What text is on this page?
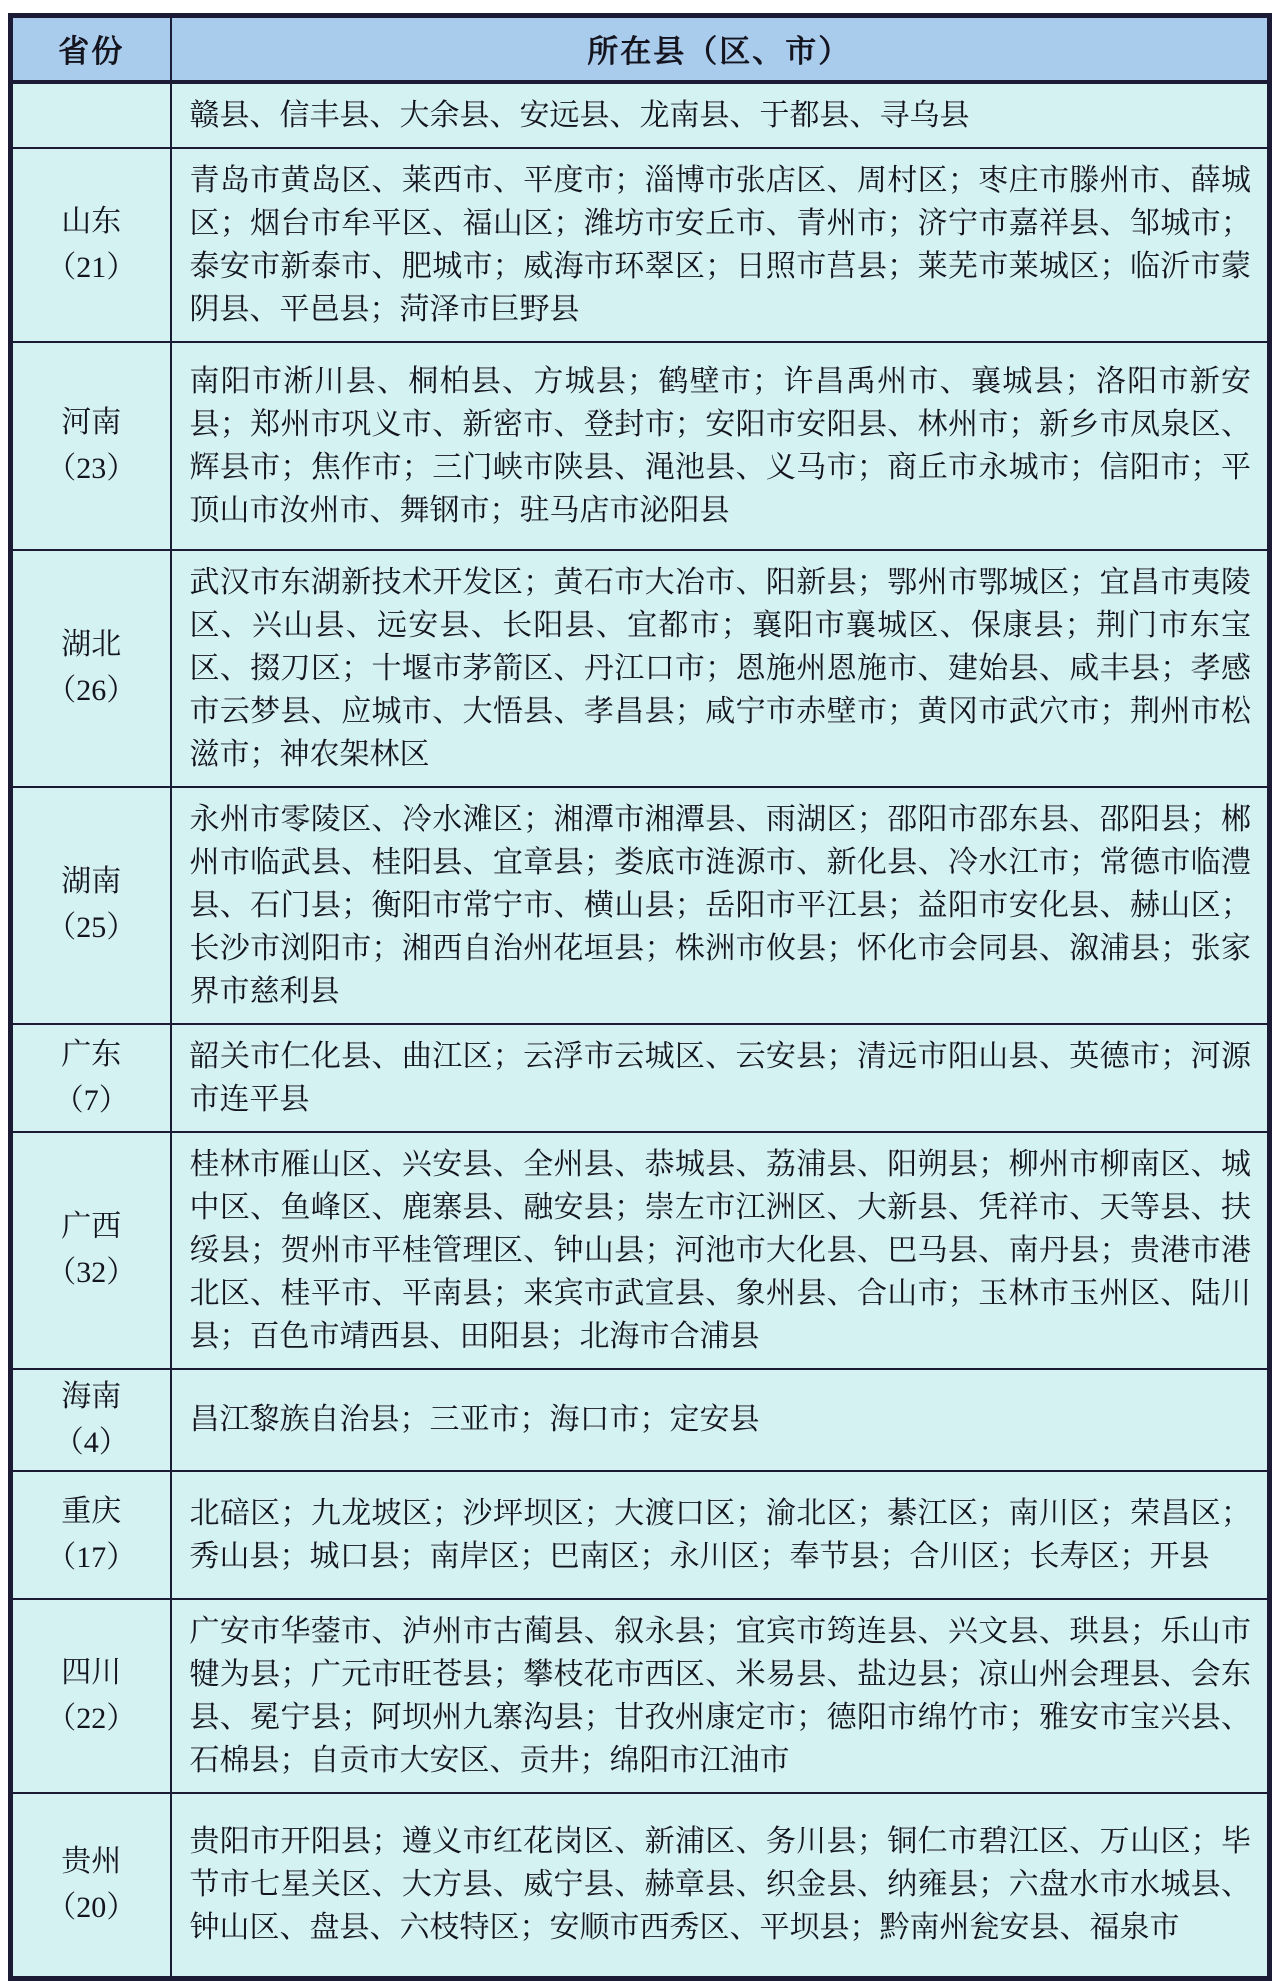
省份	所在县（区、市）

	赣县、信丰县、大余县、安远县、龙南县、于都县、寻乌县

山东
（21）	青岛市黄岛区、莱西市、平度市；淄博市张店区、周村区；枣庄市滕州市、薛城区；烟台市牟平区、福山区；潍坊市安丘市、青州市；济宁市嘉祥县、邹城市；泰安市新泰市、肥城市；威海市环翠区；日照市莒县；莱芜市莱城区；临沂市蒙阴县、平邑县；菏泽市巨野县

河南
（23）	南阳市淅川县、桐柏县、方城县；鹤壁市；许昌禹州市、襄城县；洛阳市新安县；郑州市巩义市、新密市、登封市；安阳市安阳县、林州市；新乡市凤泉区、辉县市；焦作市；三门峡市陕县、渑池县、义马市；商丘市永城市；信阳市；平顶山市汝州市、舞钢市；驻马店市泌阳县

湖北
（26）	武汉市东湖新技术开发区；黄石市大冶市、阳新县；鄂州市鄂城区；宜昌市夷陵区、兴山县、远安县、长阳县、宜都市；襄阳市襄城区、保康县；荆门市东宝区、掇刀区；十堰市茅箭区、丹江口市；恩施州恩施市、建始县、咸丰县；孝感市云梦县、应城市、大悟县、孝昌县；咸宁市赤壁市；黄冈市武穴市；荆州市松滋市；神农架林区

湖南
（25）	永州市零陵区、冷水滩区；湘潭市湘潭县、雨湖区；邵阳市邵东县、邵阳县；郴州市临武县、桂阳县、宜章县；娄底市涟源市、新化县、冷水江市；常德市临澧县、石门县；衡阳市常宁市、横山县；岳阳市平江县；益阳市安化县、赫山区；长沙市浏阳市；湘西自治州花垣县；株洲市攸县；怀化市会同县、溆浦县；张家界市慈利县

广东
（7）	韶关市仁化县、曲江区；云浮市云城区、云安县；清远市阳山县、英德市；河源市连平县

广西
（32）	桂林市雁山区、兴安县、全州县、恭城县、荔浦县、阳朔县；柳州市柳南区、城中区、鱼峰区、鹿寨县、融安县；崇左市江洲区、大新县、凭祥市、天等县、扶绥县；贺州市平桂管理区、钟山县；河池市大化县、巴马县、南丹县；贵港市港北区、桂平市、平南县；来宾市武宣县、象州县、合山市；玉林市玉州区、陆川县；百色市靖西县、田阳县；北海市合浦县

海南
（4）	昌江黎族自治县；三亚市；海口市；定安县

重庆
（17）	北碚区；九龙坡区；沙坪坝区；大渡口区；渝北区；綦江区；南川区；荣昌区；秀山县；城口县；南岸区；巴南区；永川区；奉节县；合川区；长寿区；开县

四川
（22）	广安市华蓥市、泸州市古蔺县、叙永县；宜宾市筠连县、兴文县、珙县；乐山市犍为县；广元市旺苍县；攀枝花市西区、米易县、盐边县；凉山州会理县、会东县、冕宁县；阿坝州九寨沟县；甘孜州康定市；德阳市绵竹市；雅安市宝兴县、石棉县；自贡市大安区、贡井；绵阳市江油市

贵州
（20）	贵阳市开阳县；遵义市红花岗区、新浦区、务川县；铜仁市碧江区、万山区；毕节市七星关区、大方县、威宁县、赫章县、织金县、纳雍县；六盘水市水城县、钟山区、盘县、六枝特区；安顺市西秀区、平坝县；黔南州瓮安县、福泉市
